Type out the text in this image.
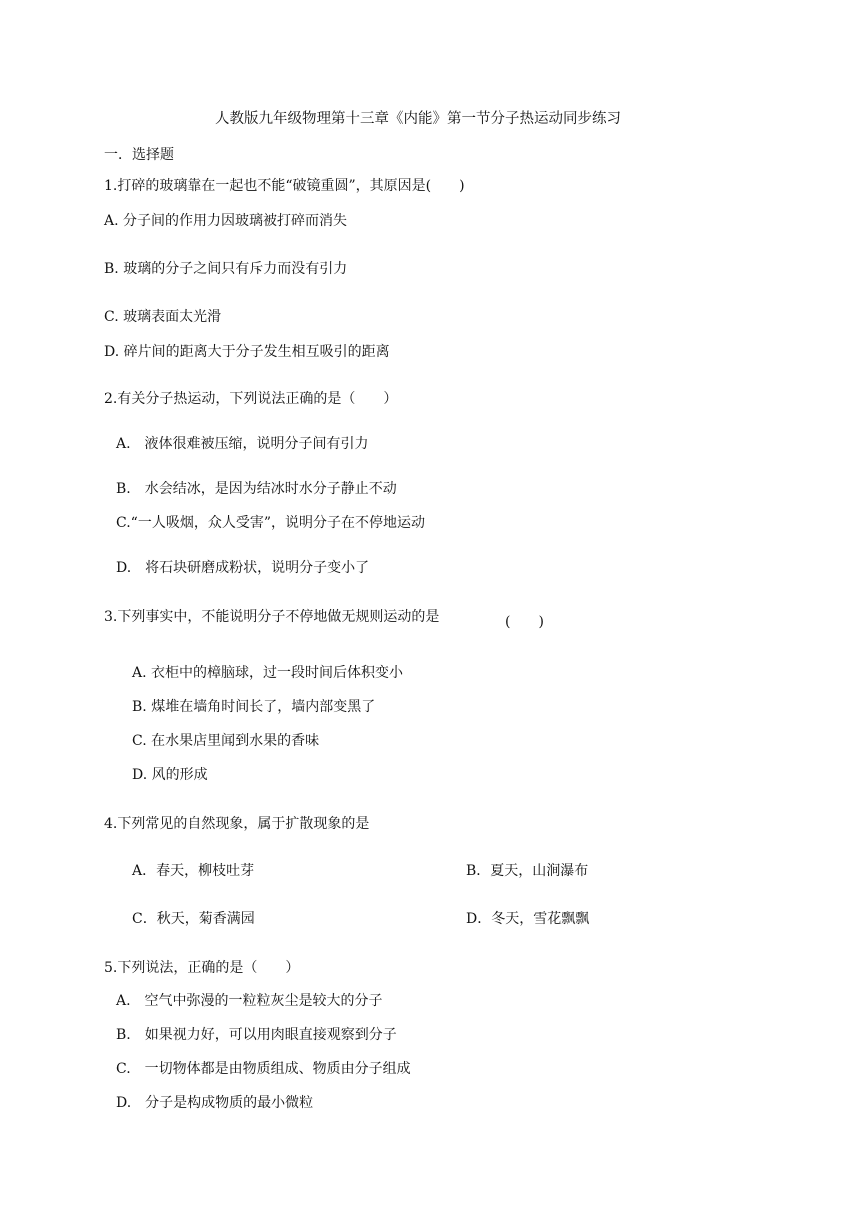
人教版九年级物理第十三章《内能》第一节分子热运动同步练习
一．选择题
1.打碎的玻璃靠在一起也不能“破镜重圆”，其原因是(　　)
A. 分子间的作用力因玻璃被打碎而消失
B. 玻璃的分子之间只有斥力而没有引力
C. 玻璃表面太光滑
D. 碎片间的距离大于分子发生相互吸引的距离
2.有关分子热运动，下列说法正确的是（　　）
A.　液体很难被压缩，说明分子间有引力
B.　水会结冰，是因为结冰时水分子静止不动
C.“一人吸烟，众人受害”，说明分子在不停地运动
D.　将石块研磨成粉状，说明分子变小了
3.下列事实中，不能说明分子不停地做无规则运动的是	(　　)
A. 衣柜中的樟脑球，过一段时间后体积变小
B. 煤堆在墙角时间长了，墙内部变黑了
C. 在水果店里闻到水果的香味
D. 风的形成
4.下列常见的自然现象，属于扩散现象的是
A．春天，柳枝吐芽	B．夏天，山涧瀑布
C．秋天，菊香满园	D．冬天，雪花飘飘
5.下列说法，正确的是（　　）
A.　空气中弥漫的一粒粒灰尘是较大的分子
B.　如果视力好，可以用肉眼直接观察到分子
C.　一切物体都是由物质组成、物质由分子组成
D.　分子是构成物质的最小微粒
